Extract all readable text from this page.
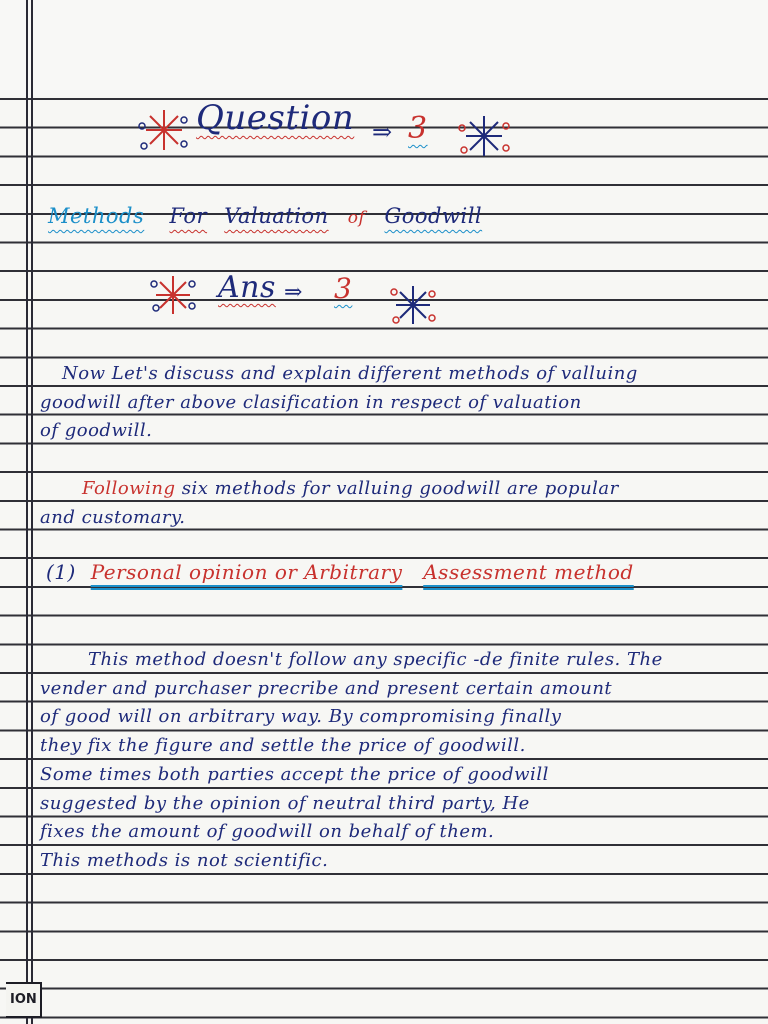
Question ⇒ 3
Methods For Valuation of Goodwill
Ans ⇒ 3
Now Let's discuss and explain different methods of valluing
goodwill after above clasification in respect of valuation
of goodwill.
Following six methods for valluing goodwill are popular
and customary.
(1) Personal opinion or Arbitrary Assessment method
This method doesn't follow any specific -de finite rules. The
vender and purchaser precribe and present certain amount
of good will on arbitrary way. By compromising finally
they fix the figure and settle the price of goodwill.
Some times both parties accept the price of goodwill
suggested by the opinion of neutral third party, He
fixes the amount of goodwill on behalf of them.
This methods is not scientific.
ION
